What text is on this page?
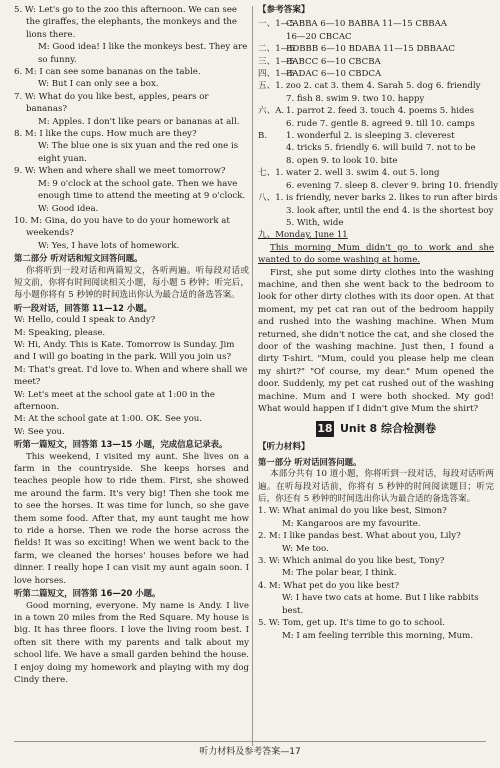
5. W: Let's go to the zoo this afternoon. We can see the giraffes, the elephants, the monkeys and the lions there.
M: Good idea! I like the monkeys best. They are so funny.
6. M: I can see some bananas on the table.
W: But I can only see a box.
7. W: What do you like best, apples, pears or bananas?
M: Apples. I don't like pears or bananas at all.
8. M: I like the cups. How much are they?
W: The blue one is six yuan and the red one is eight yuan.
9. W: When and where shall we meet tomorrow?
M: 9 o'clock at the school gate. Then we have enough time to attend the meeting at 9 o'clock.
W: Good idea.
10. M: Gina, do you have to do your homework at weekends?
W: Yes, I have lots of homework.
第二部分 听对话和短文回答问题。
你将听到一段对话和两篇短文，各听两遍。听每段对话或短文前，你将有时间阅读相关小题，每小题 5 秒钟；听完后，每小题你将有 5 秒钟的时间选出你认为最合适的备选答案。
听一段对话，回答第 11—12 小题。
W: Hello, could I speak to Andy?
M: Speaking, please.
W: Hi, Andy. This is Kate. Tomorrow is Sunday. Jim and I will go boating in the park. Will you join us?
M: That's great. I'd love to. When and where shall we meet?
W: Let's meet at the school gate at 1:00 in the afternoon.
M: At the school gate at 1:00. OK. See you.
W: See you.
听第一篇短文，回答第 13—15 小题，完成信息记录表。
This weekend, I visited my aunt. She lives on a farm in the countryside. She keeps horses and teaches people how to ride them. First, she showed me around the farm. It's very big! Then she took me to see the horses. It was time for lunch, so she gave them some food. After that, my aunt taught me how to ride a horse. Then we rode the horse across the fields! It was so exciting! When we went back to the farm, we cleaned the horses' houses before we had dinner. I really hope I can visit my aunt again soon. I love horses.
听第二篇短文，回答第 16—20 小题。
Good morning, everyone. My name is Andy. I live in a town 20 miles from the Red Square. My house is big. It has three floors. I love the living room best. I often sit there with my parents and talk about my school life. We have a small garden behind the house. I enjoy doing my homework and playing with my dog Cindy there.
【参考答案】
一、1—5
CABBA 6—10 BABBA 11—15 CBBAA
16—20 CBCAC
二、1—5
BDBBB 6—10 BDABA 11—15 DBBAAC
三、1—5
BABCC 6—10 CBCBA
四、1—5
BADAC 6—10 CBDCA
五、1. zoo 2. cat 3. them 4. Sarah 5. dog 6. friendly
7. fish 8. swim 9. two 10. happy
六、A. 1. parrot 2. feed 3. touch 4. poems 5. hides
6. rude 7. gentle 8. agreed 9. till 10. camps
B.	1. wonderful 2. is sleeping 3. cleverest
4. tricks 5. friendly 6. will build 7. not to be
8. open 9. to look 10. bite
七、1. water 2. well 3. swim 4. out 5. long
6. evening 7. sleep 8. clever 9. bring 10. friendly
八、1. is friendly, never barks 2. likes to run after birds
3. look after, until the end 4. is the shortest boy
5. With, wide
九、Monday, June 11
This morning Mum didn't go to work and she wanted to do some washing at home.
First, she put some dirty clothes into the washing machine, and then she went back to the bedroom to look for other dirty clothes with its door open. At that moment, my pet cat ran out of the bedroom happily and rushed into the washing machine. When Mum returned, she didn't notice the cat, and she closed the door of the washing machine. Just then, I found a dirty T-shirt. "Mum, could you please help me clean my shirt?" "Of course, my dear." Mum opened the door. Suddenly, my pet cat rushed out of the washing machine. Mum and I were both shocked. My god! What would happen if I didn't give Mum the shirt?
18 Unit 8 综合检测卷
【听力材料】
第一部分 听对话回答问题。
本部分共有 10 道小题，你将听到一段对话，每段对话听两遍。在听每段对话前，你将有 5 秒钟的时间阅读题目；听完后，你还有 5 秒钟的时间选出你认为最合适的备选答案。
1. W: What animal do you like best, Simon?
M: Kangaroos are my favourite.
2. M: I like pandas best. What about you, Lily?
W: Me too.
3. W: Which animal do you like best, Tony?
M: The polar bear, I think.
4. M: What pet do you like best?
W: I have two cats at home. But I like rabbits best.
5. W: Tom, get up. It's time to go to school.
M: I am feeling terrible this morning, Mum.
听力材料及参考答案—17
